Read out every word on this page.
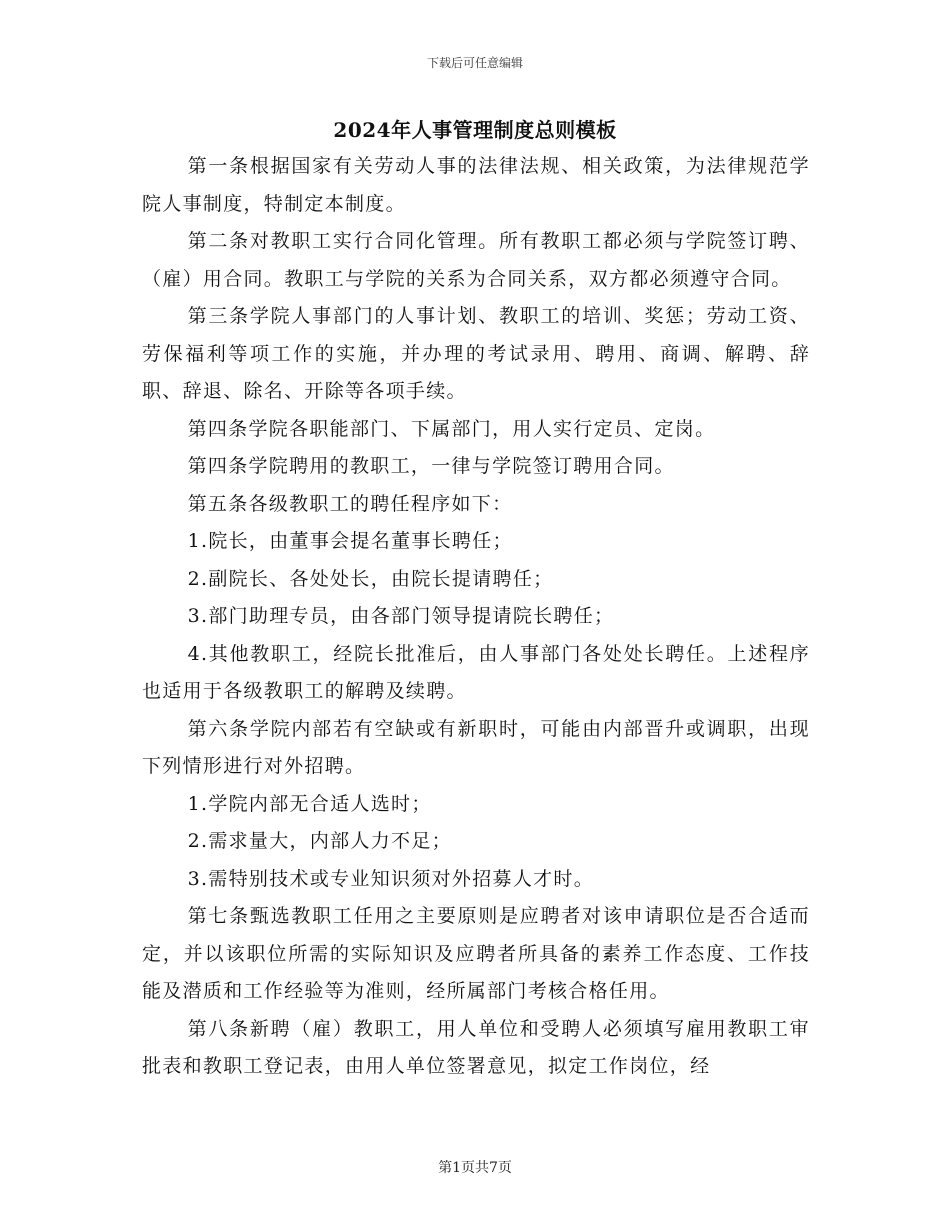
下载后可任意编辑
2024年人事管理制度总则模板

第一条根据国家有关劳动人事的法律法规、相关政策，为法律规范学院人事制度，特制定本制度。

第二条对教职工实行合同化管理。所有教职工都必须与学院签订聘、（雇）用合同。教职工与学院的关系为合同关系，双方都必须遵守合同。

第三条学院人事部门的人事计划、教职工的培训、奖惩；劳动工资、劳保福利等项工作的实施，并办理的考试录用、聘用、商调、解聘、辞职、辞退、除名、开除等各项手续。

第四条学院各职能部门、下属部门，用人实行定员、定岗。

第四条学院聘用的教职工，一律与学院签订聘用合同。

第五条各级教职工的聘任程序如下：

1.院长，由董事会提名董事长聘任；

2.副院长、各处处长，由院长提请聘任；

3.部门助理专员，由各部门领导提请院长聘任；

4.其他教职工，经院长批准后，由人事部门各处处长聘任。上述程序也适用于各级教职工的解聘及续聘。

第六条学院内部若有空缺或有新职时，可能由内部晋升或调职，出现下列情形进行对外招聘。

1.学院内部无合适人选时；

2.需求量大，内部人力不足；

3.需特别技术或专业知识须对外招募人才时。

第七条甄选教职工任用之主要原则是应聘者对该申请职位是否合适而定，并以该职位所需的实际知识及应聘者所具备的素养工作态度、工作技能及潜质和工作经验等为准则，经所属部门考核合格任用。

第八条新聘（雇）教职工，用人单位和受聘人必须填写雇用教职工审批表和教职工登记表，由用人单位签署意见，拟定工作岗位，经

第1页共7页
